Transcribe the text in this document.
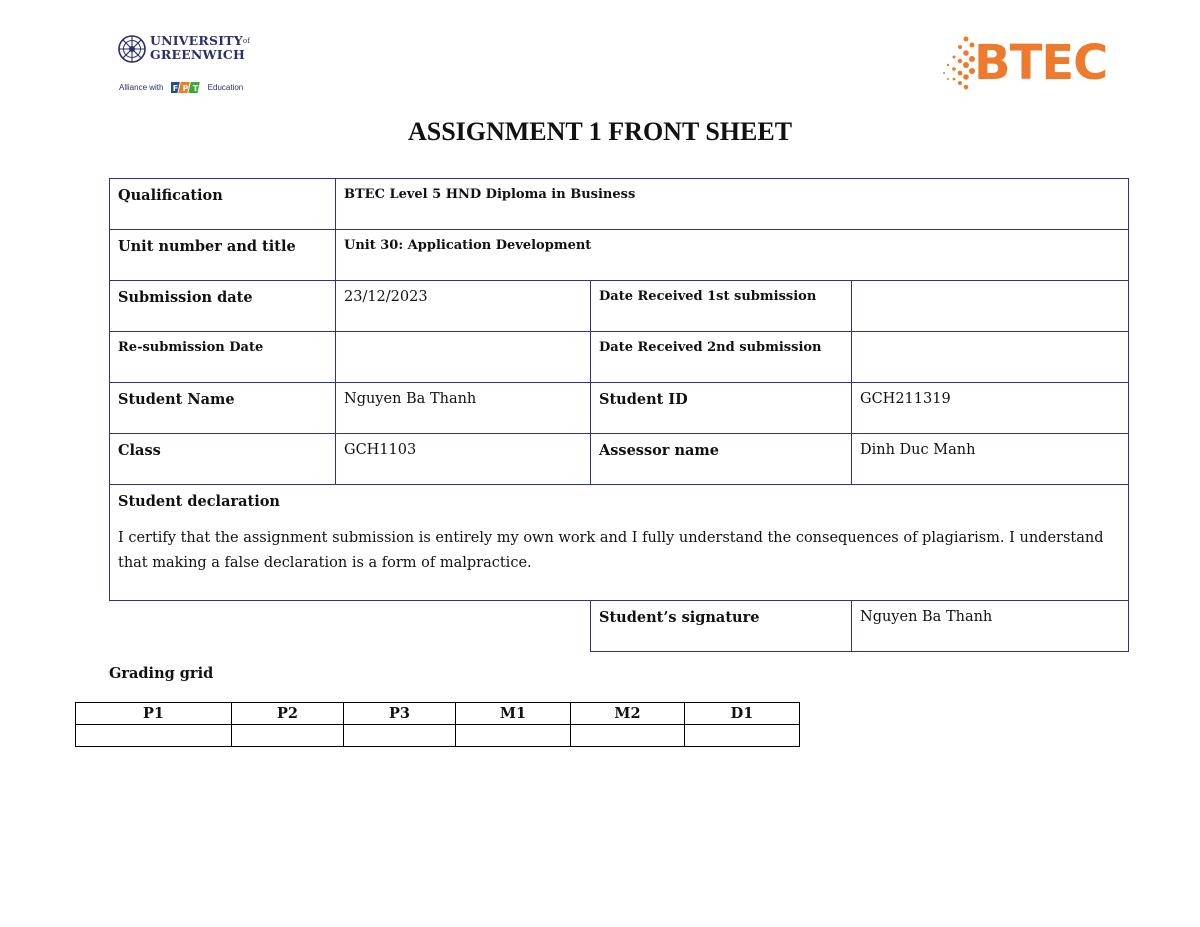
$UNIVERSITY^{of}$
GREENWICH
Alliance with F P T Education	BTEC
ASSIGNMENT 1 FRONT SHEET
Qualification	BTEC Level 5 HND Diploma in Business		
Unit number and title	Unit 30: Application Development		
Submission date	23/12/2023	Date Received 1st submission	
Re-submission Date		Date Received 2nd submission	
Student Name	Nguyen Ba Thanh	Student ID	GCH211319
Class	GCH1103	Assessor name	Dinh Duc Manh

Student declaration
I certify that the assignment submission is entirely my own work and I fully understand the consequences of plagiarism. I understand that making a false declaration is a form of malpractice.			

		Student’s signature	Nguyen Ba Thanh
Grading grid
P1	P2	P3	M1	M2	D1
